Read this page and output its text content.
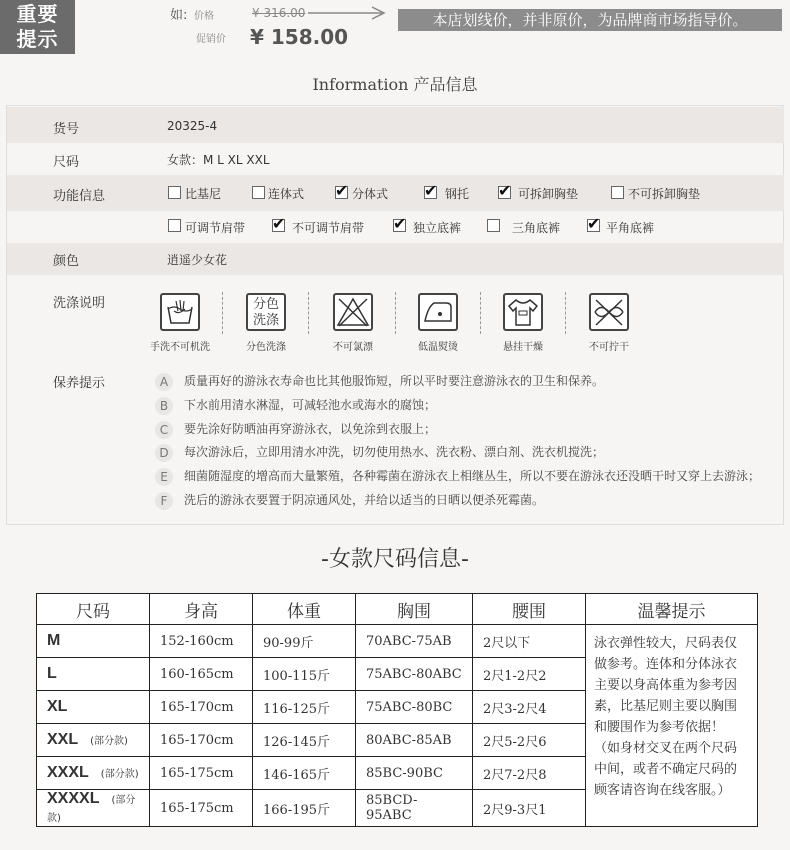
重要
提示
如: 价格	¥ 316.00
促销价 ¥ 158.00
本店划线价，并非原价，为品牌商市场指导价。
Information 产品信息
货号	20325-4
尺码	女款：M L XL XXL
功能信息	比基尼	连体式 ✔	分体式 ✔	钢托 ✔	可拆卸胸垫	不可拆卸胸垫
可调节肩带 ✔	不可调节肩带 ✔	独立底裤	三角底裤 ✔	平角底裤
颜色	逍遥少女花
洗涤说明
手洗不可机洗
分色
洗涤
分色洗涤	不可氯漂	低温熨烫	悬挂干燥	不可拧干
保养提示	A	质量再好的游泳衣寿命也比其他服饰短，所以平时要注意游泳衣的卫生和保养。
B	下水前用清水淋湿，可减轻池水或海水的腐蚀；
C	要先涂好防晒油再穿游泳衣，以免涂到衣服上；
D	每次游泳后，立即用清水冲洗，切勿使用热水、洗衣粉、漂白剂、洗衣机搅洗；
E	细菌随湿度的增高而大量繁殖，各种霉菌在游泳衣上相继丛生，所以不要在游泳衣还没晒干时又穿上去游泳；
F	洗后的游泳衣要置于阴凉通风处，并给以适当的日晒以便杀死霉菌。
-女款尺码信息-
尺码	身高	体重	胸围	腰围	温馨提示
M	152-160cm	90-99斤	70ABC-75AB	2尺以下	泳衣弹性较大，尺码表仅做参考。连体和分体泳衣主要以身高体重为参考因素，比基尼则主要以胸围和腰围作为参考依据！（如身材交叉在两个尺码中间，或者不确定尺码的顾客请咨询在线客服。）
L	160-165cm	100-115斤	75ABC-80ABC	2尺1-2尺2	
XL	165-170cm	116-125斤	75ABC-80BC	2尺3-2尺4	
XXL (部分款)	165-170cm	126-145斤	80ABC-85AB	2尺5-2尺6	
XXXL (部分款)	165-175cm	146-165斤	85BC-90BC	2尺7-2尺8	
XXXXL (部分款)	165-175cm	166-195斤	85BCD-95ABC	2尺9-3尺1	
